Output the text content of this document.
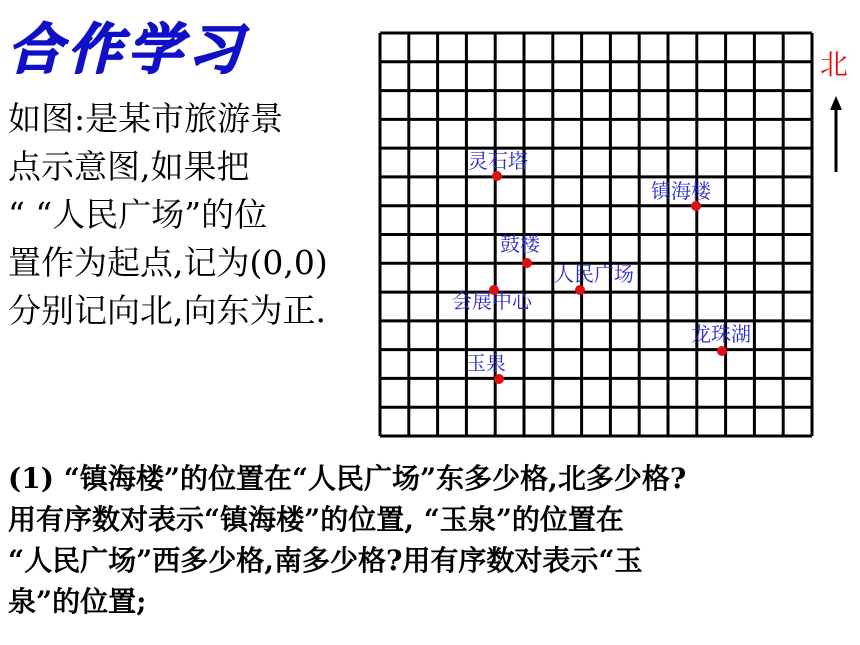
合作学习
如图:是某市旅游景
点示意图,如果把
“ “人民广场”的位
置作为起点,记为(0,0)
分别记向北,向东为正.
灵石塔
镇海楼
鼓楼
人民广场
会展中心
龙珠湖
玉泉
北
(1) “镇海楼”的位置在“人民广场”东多少格,北多少格?
用有序数对表示“镇海楼”的位置, “玉泉”的位置在
“人民广场”西多少格,南多少格?用有序数对表示“玉
泉”的位置;
